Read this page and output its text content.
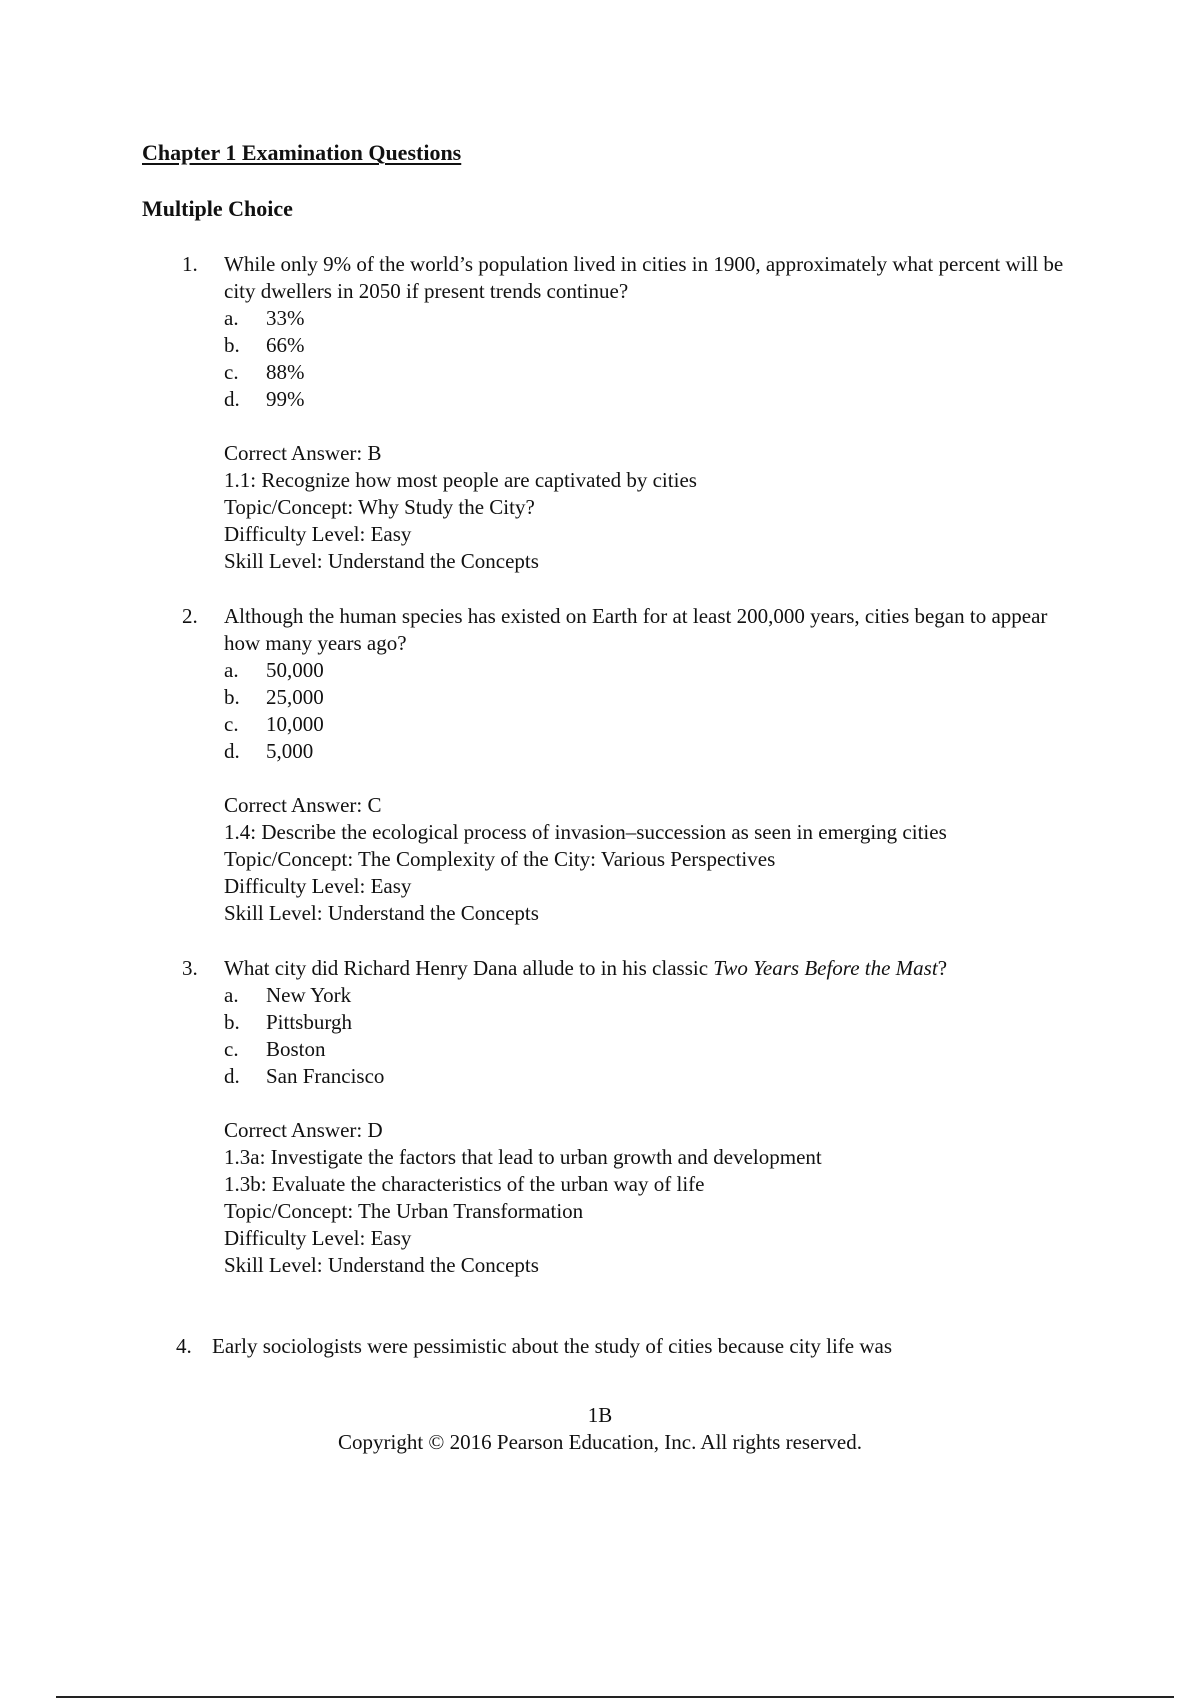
Chapter 1 Examination Questions
Multiple Choice
1. While only 9% of the world’s population lived in cities in 1900, approximately what percent will be city dwellers in 2050 if present trends continue?

a. 33%
b. 66%
c. 88%
d. 99%
Correct Answer: B
1.1: Recognize how most people are captivated by cities
Topic/Concept: Why Study the City?
Difficulty Level: Easy
Skill Level: Understand the Concepts
2. Although the human species has existed on Earth for at least 200,000 years, cities began to appear how many years ago?

a. 50,000
b. 25,000
c. 10,000
d. 5,000
Correct Answer: C
1.4: Describe the ecological process of invasion–succession as seen in emerging cities
Topic/Concept: The Complexity of the City: Various Perspectives
Difficulty Level: Easy
Skill Level: Understand the Concepts
3. What city did Richard Henry Dana allude to in his classic Two Years Before the Mast?

a. New York
b. Pittsburgh
c. Boston
d. San Francisco
Correct Answer: D
1.3a: Investigate the factors that lead to urban growth and development
1.3b: Evaluate the characteristics of the urban way of life
Topic/Concept: The Urban Transformation
Difficulty Level: Easy
Skill Level: Understand the Concepts
4. Early sociologists were pessimistic about the study of cities because city life was

1B
Copyright © 2016 Pearson Education, Inc. All rights reserved.
